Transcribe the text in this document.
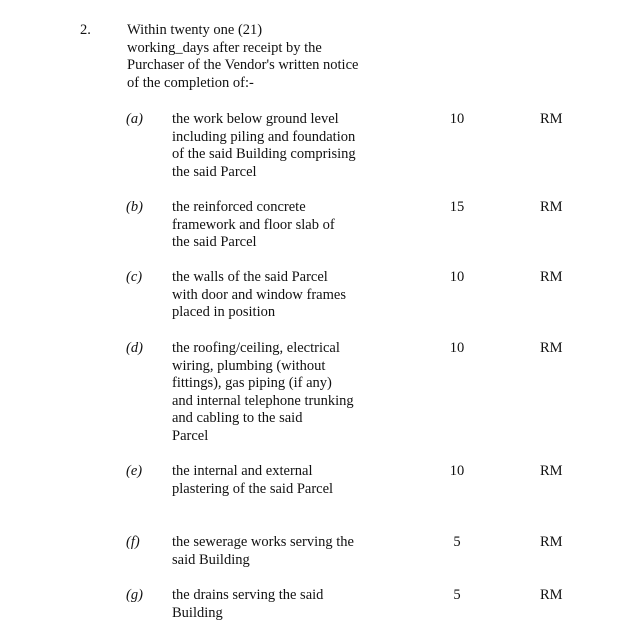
2. Within twenty one (21)
working_days after receipt by the
Purchaser of the Vendor's written notice
of the completion of:-
(a) the work below ground level
including piling and foundation
of the said Building comprising
the said Parcel
10	RM
(b) the reinforced concrete
framework and floor slab of
the said Parcel
15	RM
(c) the walls of the said Parcel
with door and window frames
placed in position
10	RM
(d) the roofing/ceiling, electrical
wiring, plumbing (without
fittings), gas piping (if any)
and internal telephone trunking
and cabling to the said
Parcel
10	RM
(e) the internal and external
plastering of the said Parcel
10	RM
(f) the sewerage works serving the
said Building
5	RM
(g) the drains serving the said
Building
5	RM
